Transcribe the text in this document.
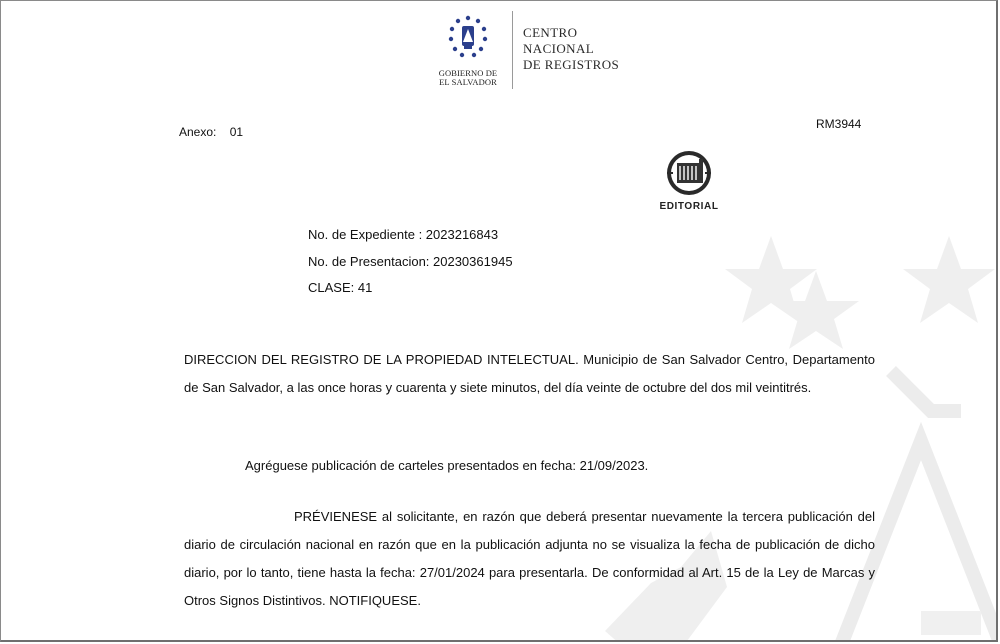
GOBIERNO DE
EL SALVADOR
CENTRO
NACIONAL
DE REGISTROS
Anexo: 01
RM3944
EDITORIAL
No. de Expediente : 2023216843
No. de Presentacion: 20230361945
CLASE: 41
DIRECCION DEL REGISTRO DE LA PROPIEDAD INTELECTUAL. Municipio de San Salvador Centro, Departamento de San Salvador, a las once horas y cuarenta y siete minutos, del día veinte de octubre del dos mil veintitrés.
Agréguese publicación de carteles presentados en fecha: 21/09/2023.
PRÉVIENESE al solicitante, en razón que deberá presentar nuevamente la tercera publicación del diario de circulación nacional en razón que en la publicación adjunta no se visualiza la fecha de publicación de dicho diario, por lo tanto, tiene hasta la fecha: 27/01/2024 para presentarla. De conformidad al Art. 15 de la Ley de Marcas y Otros Signos Distintivos. NOTIFIQUESE.
